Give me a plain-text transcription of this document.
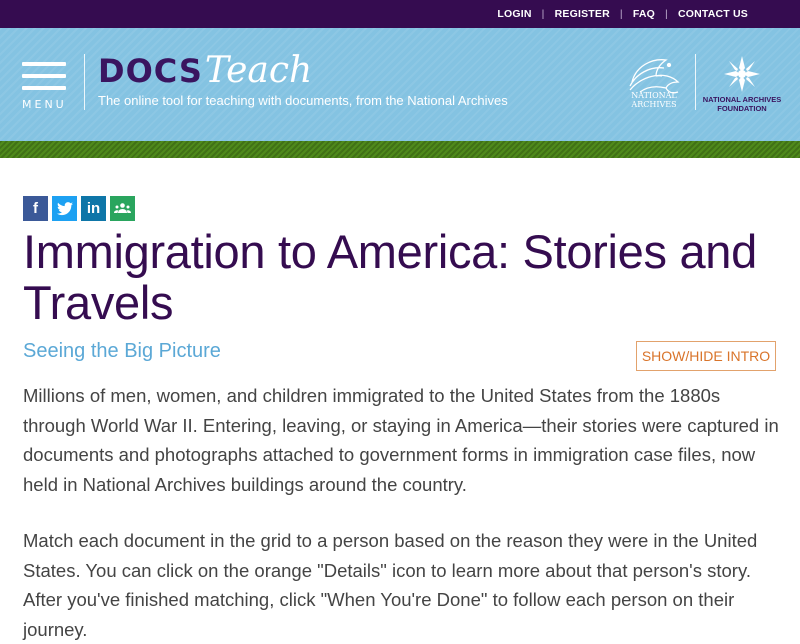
LOGIN | REGISTER | FAQ | CONTACT US
MENU
DOCS Teach
The online tool for teaching with documents, from the National Archives	NATIONAL
ARCHIVES
NATIONAL ARCHIVES
FOUNDATION
f	in
Immigration to America: Stories and Travels
Seeing the Big Picture	SHOW/HIDE INTRO

Millions of men, women, and children immigrated to the United States from the 1880s through World War II. Entering, leaving, or staying in America—their stories were captured in documents and photographs attached to government forms in immigration case files, now held in National Archives buildings around the country.

Match each document in the grid to a person based on the reason they were in the United States. You can click on the orange "Details" icon to learn more about that person's story. After you've finished matching, click "When You're Done" to follow each person on their journey.
